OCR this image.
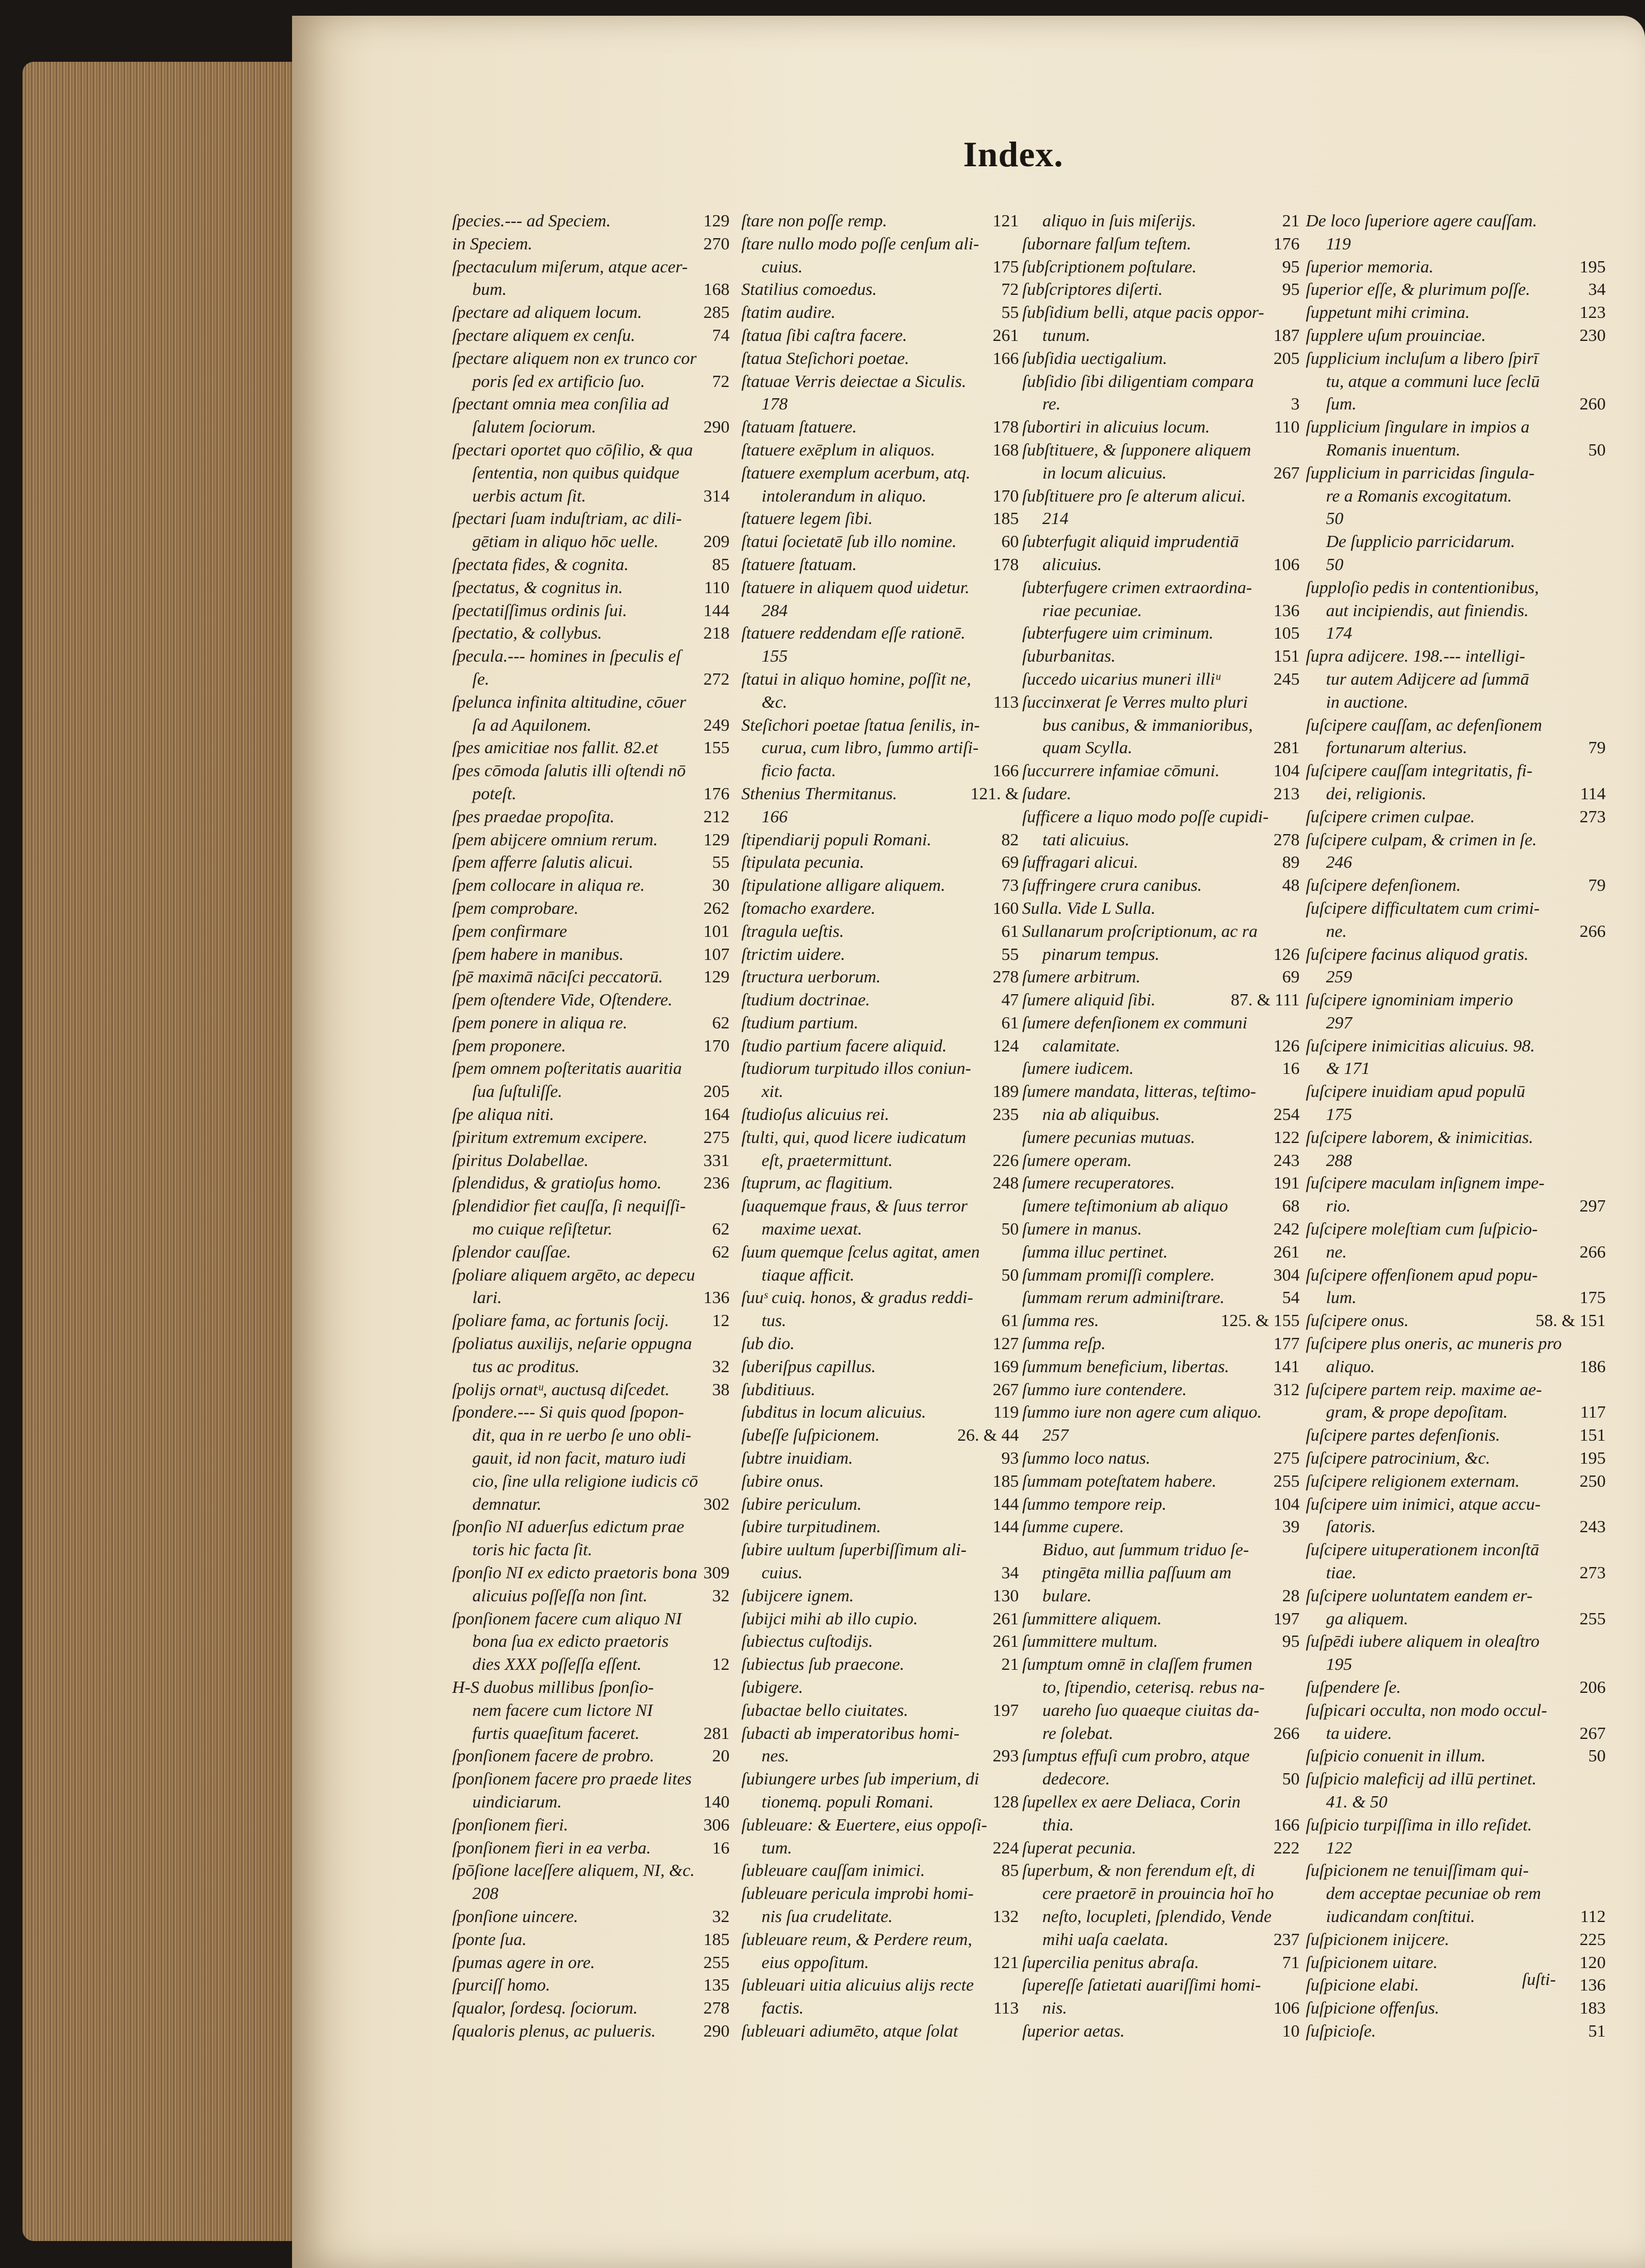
Index.
129
ſpecies.--- ad Speciem.
270
in Speciem.
ſpectaculum miſerum, atque acer-
168
bum.
285
ſpectare ad aliquem locum.
74
ſpectare aliquem ex cenſu.
ſpectare aliquem non ex trunco cor
72
poris ſed ex artificio ſuo.
ſpectant omnia mea conſilia ad
290
ſalutem ſociorum.
ſpectari oportet quo cōſilio, & qua
ſententia, non quibus quidque
314
uerbis actum ſit.
ſpectari ſuam induſtriam, ac dili-
209
gētiam in aliquo hōc uelle.
85
ſpectata fides, & cognita.
110
ſpectatus, & cognitus in.
144
ſpectatiſſimus ordinis ſui.
218
ſpectatio, & collybus.
ſpecula.--- homines in ſpeculis eſ
272
ſe.
ſpelunca infinita altitudine, cōuer
249
ſa ad Aquilonem.
155
ſpes amicitiae nos fallit. 82.et
ſpes cōmoda ſalutis illi oſtendi nō
176
poteſt.
212
ſpes praedae propoſita.
129
ſpem abijcere omnium rerum.
55
ſpem afferre ſalutis alicui.
30
ſpem collocare in aliqua re.
262
ſpem comprobare.
101
ſpem confirmare
107
ſpem habere in manibus.
129
ſpē maximā nāciſci peccatorū.
ſpem oſtendere Vide, Oſtendere.
62
ſpem ponere in aliqua re.
170
ſpem proponere.
ſpem omnem poſteritatis auaritia
205
ſua ſuſtuliſſe.
164
ſpe aliqua niti.
275
ſpiritum extremum excipere.
331
ſpiritus Dolabellae.
236
ſplendidus, & gratioſus homo.
ſplendidior fiet cauſſa, ſi nequiſſi-
62
mo cuique reſiſtetur.
62
ſplendor cauſſae.
ſpoliare aliquem argēto, ac depecu
136
lari.
12
ſpoliare fama, ac fortunis ſocij.
ſpoliatus auxilijs, neſarie oppugna
32
tus ac proditus.
38
ſpolijs ornatᵘ, auctusq diſcedet.
ſpondere.--- Si quis quod ſpopon-
dit, qua in re uerbo ſe uno obli-
gauit, id non facit, maturo iudi
cio, ſine ulla religione iudicis cō
302
demnatur.
ſponſio NI aduerſus edictum prae
toris hic facta ſit.
309
ſponſio NI ex edicto praetoris bona
32
alicuius poſſeſſa non ſint.
ſponſionem facere cum aliquo NI
bona ſua ex edicto praetoris
12
dies XXX poſſeſſa eſſent.
H-S duobus millibus ſponſio-
nem facere cum lictore NI
281
furtis quaeſitum faceret.
20
ſponſionem facere de probro.
ſponſionem facere pro praede lites
140
uindiciarum.
306
ſponſionem fieri.
16
ſponſionem fieri in ea verba.
ſpōſione laceſſere aliquem, NI, &c.
208
32
ſponſione uincere.
185
ſponte ſua.
255
ſpumas agere in ore.
135
ſpurciſſ homo.
278
ſqualor, ſordesq. ſociorum.
290
ſqualoris plenus, ac pulueris.
121
ſtare non poſſe remp.
ſtare nullo modo poſſe cenſum ali-
175
cuius.
72
Statilius comoedus.
55
ſtatim audire.
261
ſtatua ſibi caſtra facere.
166
ſtatua Steſichori poetae.
ſtatuae Verris deiectae a Siculis.
178
178
ſtatuam ſtatuere.
168
ſtatuere exēplum in aliquos.
ſtatuere exemplum acerbum, atq.
170
intolerandum in aliquo.
185
ſtatuere legem ſibi.
60
ſtatui ſocietatē ſub illo nomine.
178
ſtatuere ſtatuam.
ſtatuere in aliquem quod uidetur.
284
ſtatuere reddendam eſſe rationē.
155
ſtatui in aliquo homine, poſſit ne,
113
&c.
Steſichori poetae ſtatua ſenilis, in-
curua, cum libro, ſummo artiſi-
166
ficio facta.
121. &
Sthenius Thermitanus.
166
82
ſtipendiarij populi Romani.
69
ſtipulata pecunia.
73
ſtipulatione alligare aliquem.
160
ſtomacho exardere.
61
ſtragula ueſtis.
55
ſtrictim uidere.
278
ſtructura uerborum.
47
ſtudium doctrinae.
61
ſtudium partium.
124
ſtudio partium facere aliquid.
ſtudiorum turpitudo illos coniun-
189
xit.
235
ſtudioſus alicuius rei.
ſtulti, qui, quod licere iudicatum
226
eſt, praetermittunt.
248
ſtuprum, ac flagitium.
ſuaquemque fraus, & ſuus terror
50
maxime uexat.
ſuum quemque ſcelus agitat, amen
50
tiaque afficit.
ſuuˢ cuiq. honos, & gradus reddi-
61
tus.
127
ſub dio.
169
ſuberiſpus capillus.
267
ſubditiuus.
119
ſubditus in locum alicuius.
26. & 44
ſubeſſe ſuſpicionem.
93
ſubtre inuidiam.
185
ſubire onus.
144
ſubire periculum.
144
ſubire turpitudinem.
ſubire uultum ſuperbiſſimum ali-
34
cuius.
130
ſubijcere ignem.
261
ſubijci mihi ab illo cupio.
261
ſubiectus cuſtodijs.
21
ſubiectus ſub praecone.
ſubigere.
197
ſubactae bello ciuitates.
ſubacti ab imperatoribus homi-
293
nes.
ſubiungere urbes ſub imperium, di
128
tionemq. populi Romani.
ſubleuare: & Euertere, eius oppoſi-
224
tum.
85
ſubleuare cauſſam inimici.
ſubleuare pericula improbi homi-
132
nis ſua crudelitate.
ſubleuare reum, & Perdere reum,
121
eius oppoſitum.
ſubleuari uitia alicuius alijs recte
113
factis.
ſubleuari adiumēto, atque ſolat
21
aliquo in ſuis miſerijs.
176
ſubornare falſum teſtem.
95
ſubſcriptionem poſtulare.
95
ſubſcriptores diſerti.
ſubſidium belli, atque pacis oppor-
187
tunum.
205
ſubſidia uectigalium.
ſubſidio ſibi diligentiam compara
3
re.
110
ſubortiri in alicuius locum.
ſubſtituere, & ſupponere aliquem
267
in locum alicuius.
ſubſtituere pro ſe alterum alicui.
214
ſubterfugit aliquid imprudentiā
106
alicuius.
ſubterfugere crimen extraordina-
136
riae pecuniae.
105
ſubterfugere uim criminum.
151
ſuburbanitas.
245
ſuccedo uicarius muneri illiᵘ
ſuccinxerat ſe Verres multo pluri
bus canibus, & immanioribus,
281
quam Scylla.
104
ſuccurrere infamiae cōmuni.
213
ſudare.
ſufficere a liquo modo poſſe cupidi-
278
tati alicuius.
89
ſuffragari alicui.
48
ſuffringere crura canibus.
Sulla. Vide L Sulla.
Sullanarum proſcriptionum, ac ra
126
pinarum tempus.
69
ſumere arbitrum.
87. & 111
ſumere aliquid ſibi.
ſumere defenſionem ex communi
126
calamitate.
16
ſumere iudicem.
ſumere mandata, litteras, teſtimo-
254
nia ab aliquibus.
122
ſumere pecunias mutuas.
243
ſumere operam.
191
ſumere recuperatores.
68
ſumere teſtimonium ab aliquo
242
ſumere in manus.
261
ſumma illuc pertinet.
304
ſummam promiſſi complere.
54
ſummam rerum adminiſtrare.
125. & 155
ſumma res.
177
ſumma reſp.
141
ſummum beneficium, libertas.
312
ſummo iure contendere.
ſummo iure non agere cum aliquo.
257
275
ſummo loco natus.
255
ſummam poteſtatem habere.
104
ſummo tempore reip.
39
ſumme cupere.
Biduo, aut ſummum triduo ſe-
ptingēta millia paſſuum am
28
bulare.
197
ſummittere aliquem.
95
ſummittere multum.
ſumptum omnē in claſſem frumen
to, ſtipendio, ceterisq. rebus na-
uareho ſuo quaeque ciuitas da-
266
re ſolebat.
ſumptus effuſi cum probro, atque
50
dedecore.
ſupellex ex aere Deliaca, Corin
166
thia.
222
ſuperat pecunia.
ſuperbum, & non ferendum eſt, di
cere praetorē in prouincia hoī ho
neſto, locupleti, ſplendido, Vende
237
mihi uaſa caelata.
71
ſupercilia penitus abraſa.
ſupereſſe ſatietati auariſſimi homi-
106
nis.
10
ſuperior aetas.
De loco ſuperiore agere cauſſam.
119
195
ſuperior memoria.
34
ſuperior eſſe, & plurimum poſſe.
123
ſuppetunt mihi crimina.
230
ſupplere uſum prouinciae.
ſupplicium incluſum a libero ſpirī
tu, atque a communi luce ſeclū
260
ſum.
ſupplicium ſingulare in impios a
50
Romanis inuentum.
ſupplicium in parricidas ſingula-
re a Romanis excogitatum.
50
De ſupplicio parricidarum.
50
ſupploſio pedis in contentionibus,
aut incipiendis, aut finiendis.
174
ſupra adijcere. 198.--- intelligi-
tur autem Adijcere ad ſummā
in auctione.
ſuſcipere cauſſam, ac defenſionem
79
fortunarum alterius.
ſuſcipere cauſſam integritatis, fi-
114
dei, religionis.
273
ſuſcipere crimen culpae.
ſuſcipere culpam, & crimen in ſe.
246
79
ſuſcipere defenſionem.
ſuſcipere difficultatem cum crimi-
266
ne.
ſuſcipere facinus aliquod gratis.
259
ſuſcipere ignominiam imperio
297
ſuſcipere inimicitias alicuius. 98.
& 171
ſuſcipere inuidiam apud populū
175
ſuſcipere laborem, & inimicitias.
288
ſuſcipere maculam inſignem impe-
297
rio.
ſuſcipere moleſtiam cum ſuſpicio-
266
ne.
ſuſcipere offenſionem apud popu-
175
lum.
58. & 151
ſuſcipere onus.
ſuſcipere plus oneris, ac muneris pro
186
aliquo.
ſuſcipere partem reip. maxime ae-
117
gram, & prope depoſitam.
151
ſuſcipere partes defenſionis.
195
ſuſcipere patrocinium, &c.
250
ſuſcipere religionem externam.
ſuſcipere uim inimici, atque accu-
243
ſatoris.
ſuſcipere uituperationem inconſtā
273
tiae.
ſuſcipere uoluntatem eandem er-
255
ga aliquem.
ſuſpēdi iubere aliquem in oleaſtro
195
206
ſuſpendere ſe.
ſuſpicari occulta, non modo occul-
267
ta uidere.
50
ſuſpicio conuenit in illum.
ſuſpicio maleficij ad illū pertinet.
41. & 50
ſuſpicio turpiſſima in illo reſidet.
122
ſuſpicionem ne tenuiſſimam qui-
dem acceptae pecuniae ob rem
112
iudicandam conſtitui.
225
ſuſpicionem inijcere.
120
ſuſpicionem uitare.
136
ſuſpicione elabi.
183
ſuſpicione offenſus.
51
ſuſpicioſe.
ſuſti-
